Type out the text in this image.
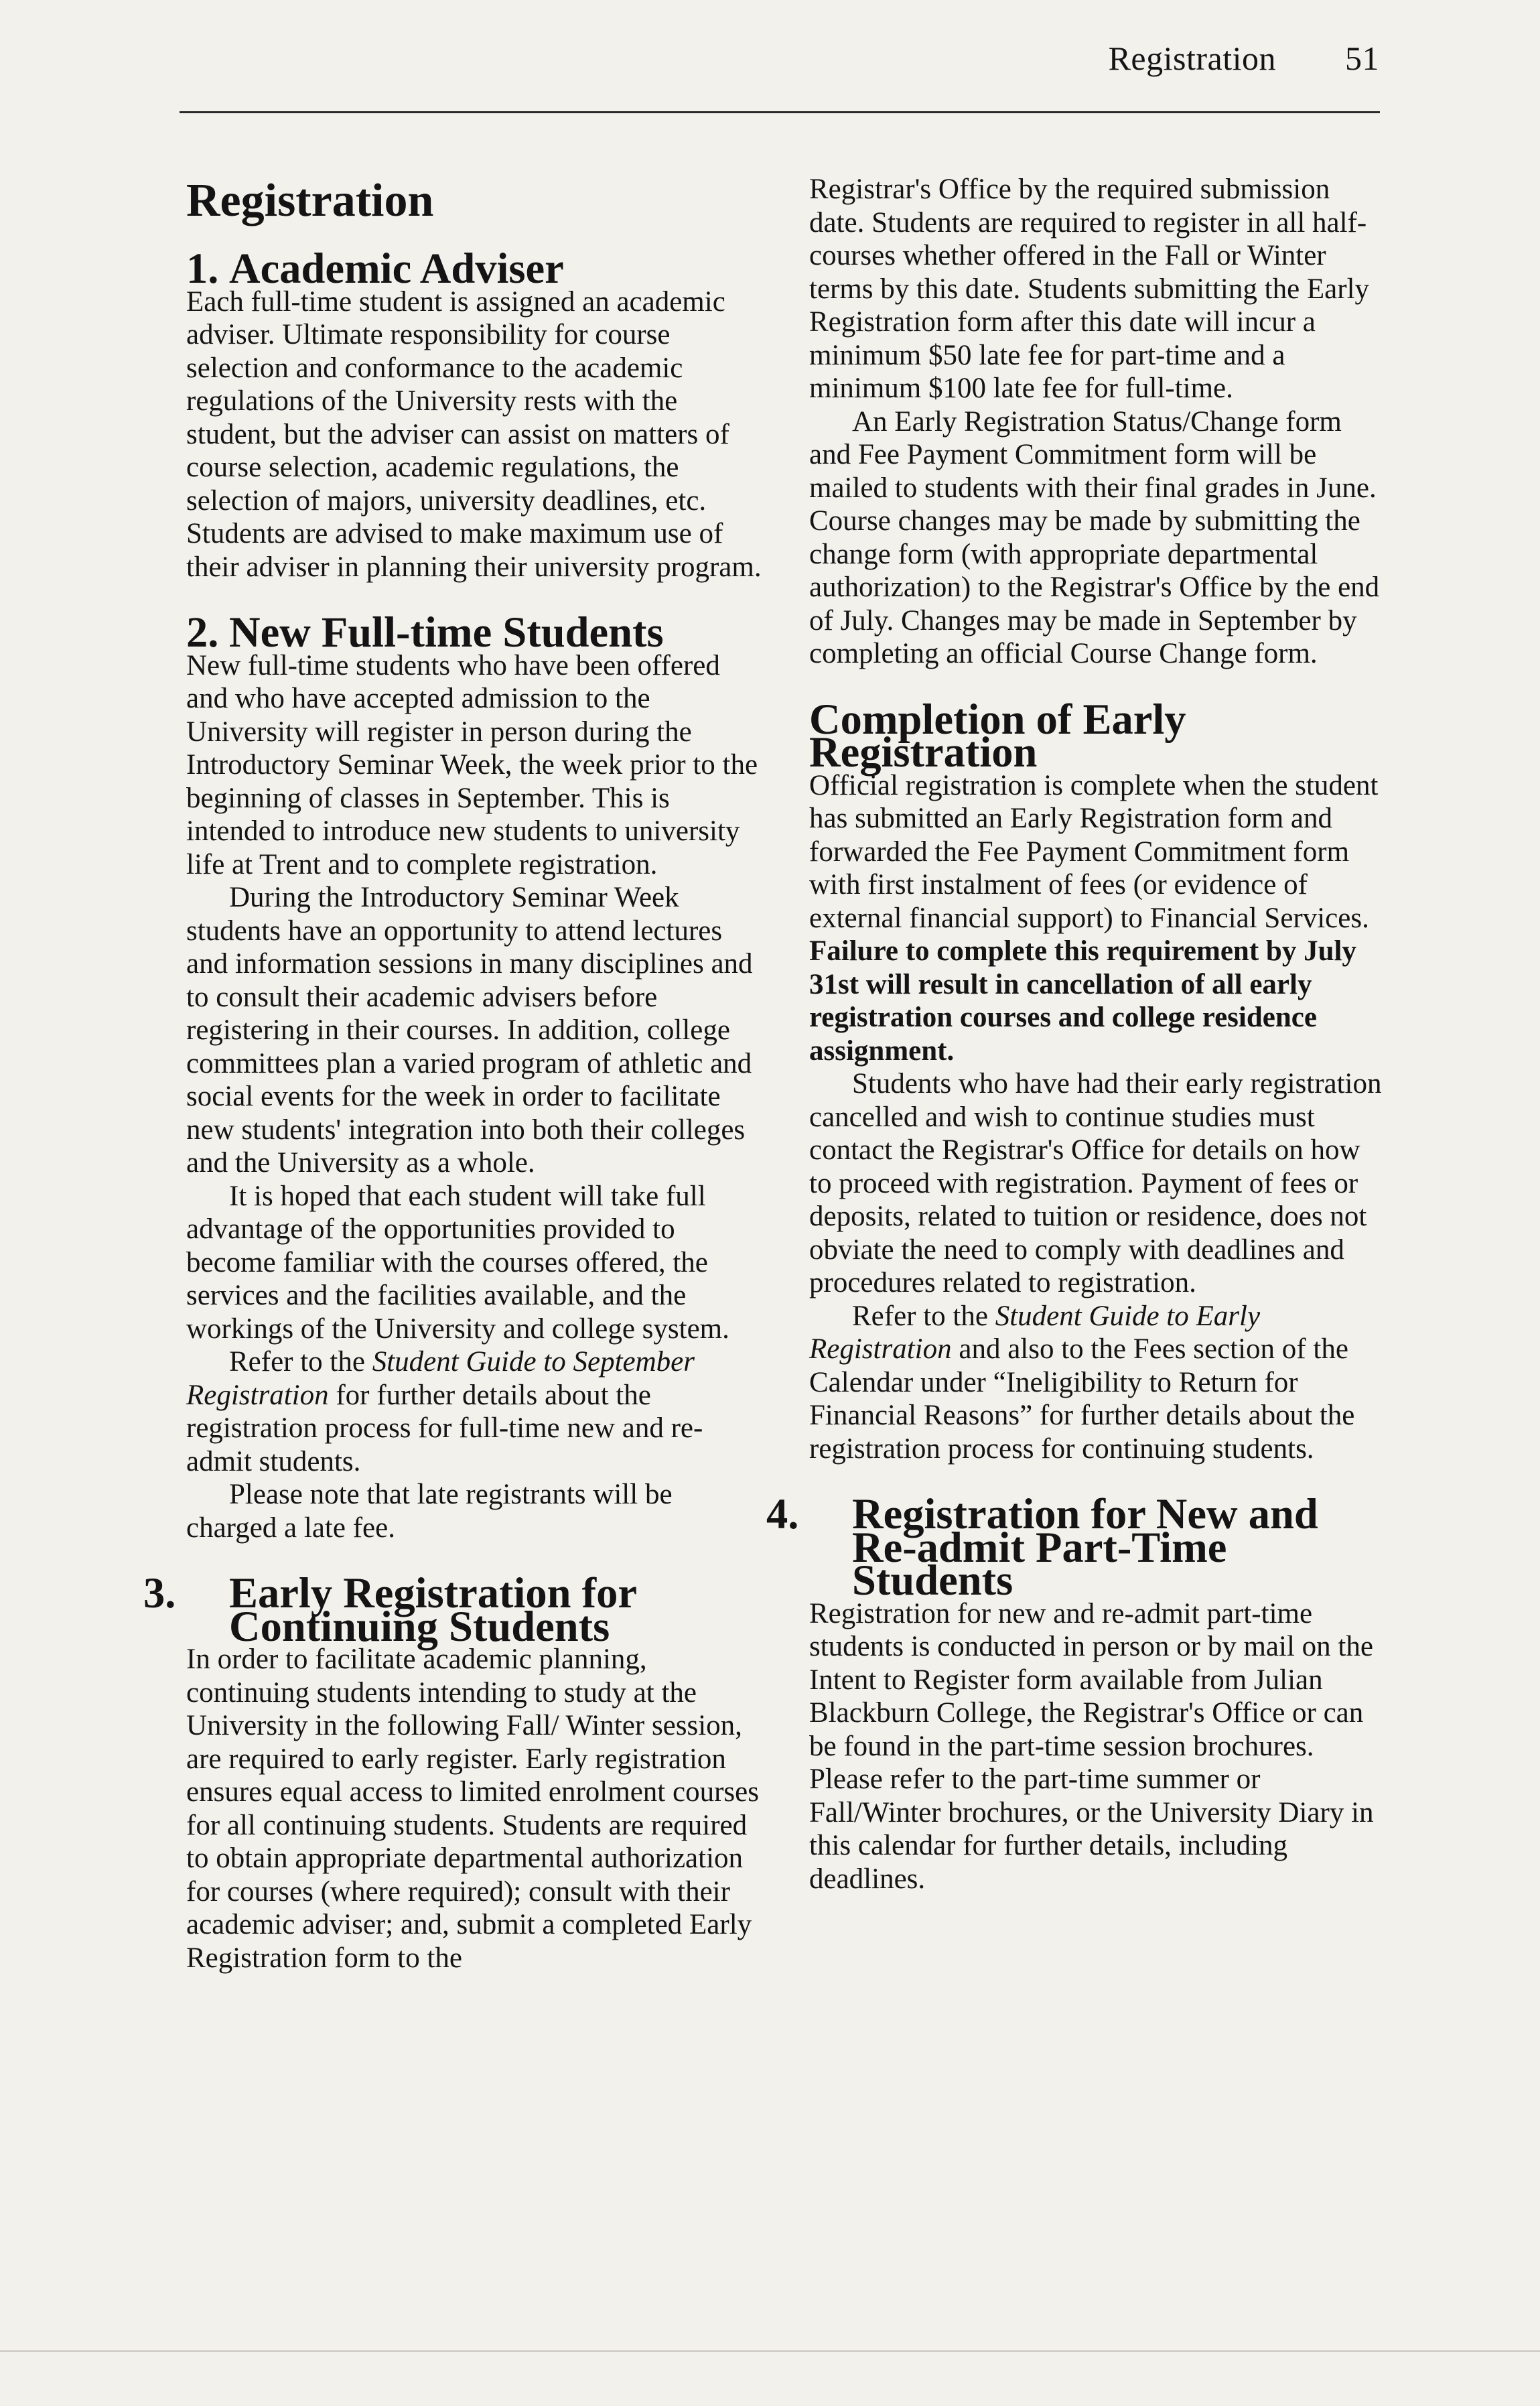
Registration 51
Registration
1. Academic Adviser

Each full-time student is assigned an academic adviser. Ultimate responsibility for course selection and conformance to the academic regulations of the University rests with the student, but the adviser can assist on matters of course selection, academic regulations, the selection of majors, university deadlines, etc. Students are advised to make maximum use of their adviser in planning their university program.

2. New Full-time Students

New full-time students who have been offered and who have accepted admission to the University will register in person during the Introductory Seminar Week, the week prior to the beginning of classes in September. This is intended to introduce new students to university life at Trent and to complete registration.

During the Introductory Seminar Week students have an opportunity to attend lectures and information sessions in many disciplines and to consult their academic advisers before registering in their courses. In addition, college committees plan a varied program of athletic and social events for the week in order to facilitate new students' integration into both their colleges and the University as a whole.

It is hoped that each student will take full advantage of the opportunities provided to become familiar with the courses offered, the services and the facilities available, and the workings of the University and college system.

Refer to the Student Guide to September Registration for further details about the registration process for full-time new and re-admit students.

Please note that late registrants will be charged a late fee.

3. Early Registration for Continuing Students

In order to facilitate academic planning, continuing students intending to study at the University in the following Fall/ Winter session, are required to early register. Early registration ensures equal access to limited enrolment courses for all continuing students. Students are required to obtain appropriate departmental authorization for courses (where required); consult with their academic adviser; and, submit a completed Early Registration form to the

Registrar's Office by the required submission date. Students are required to register in all half-courses whether offered in the Fall or Winter terms by this date. Students submitting the Early Registration form after this date will incur a minimum $50 late fee for part-time and a minimum $100 late fee for full-time.

An Early Registration Status/Change form and Fee Payment Commitment form will be mailed to students with their final grades in June. Course changes may be made by submitting the change form (with appropriate departmental authorization) to the Registrar's Office by the end of July. Changes may be made in September by completing an official Course Change form.

Completion of Early Registration

Official registration is complete when the student has submitted an Early Registration form and forwarded the Fee Payment Commitment form with first instalment of fees (or evidence of external financial support) to Financial Services. Failure to complete this requirement by July 31st will result in cancellation of all early registration courses and college residence assignment.

Students who have had their early registration cancelled and wish to continue studies must contact the Registrar's Office for details on how to proceed with registration. Payment of fees or deposits, related to tuition or residence, does not obviate the need to comply with deadlines and procedures related to registration.

Refer to the Student Guide to Early Registration and also to the Fees section of the Calendar under “Ineligibility to Return for Financial Reasons” for further details about the registration process for continuing students.

4. Registration for New and Re-admit Part-Time Students

Registration for new and re-admit part-time students is conducted in person or by mail on the Intent to Register form available from Julian Blackburn College, the Registrar's Office or can be found in the part-time session brochures. Please refer to the part-time summer or Fall/Winter brochures, or the University Diary in this calendar for further details, including deadlines.
